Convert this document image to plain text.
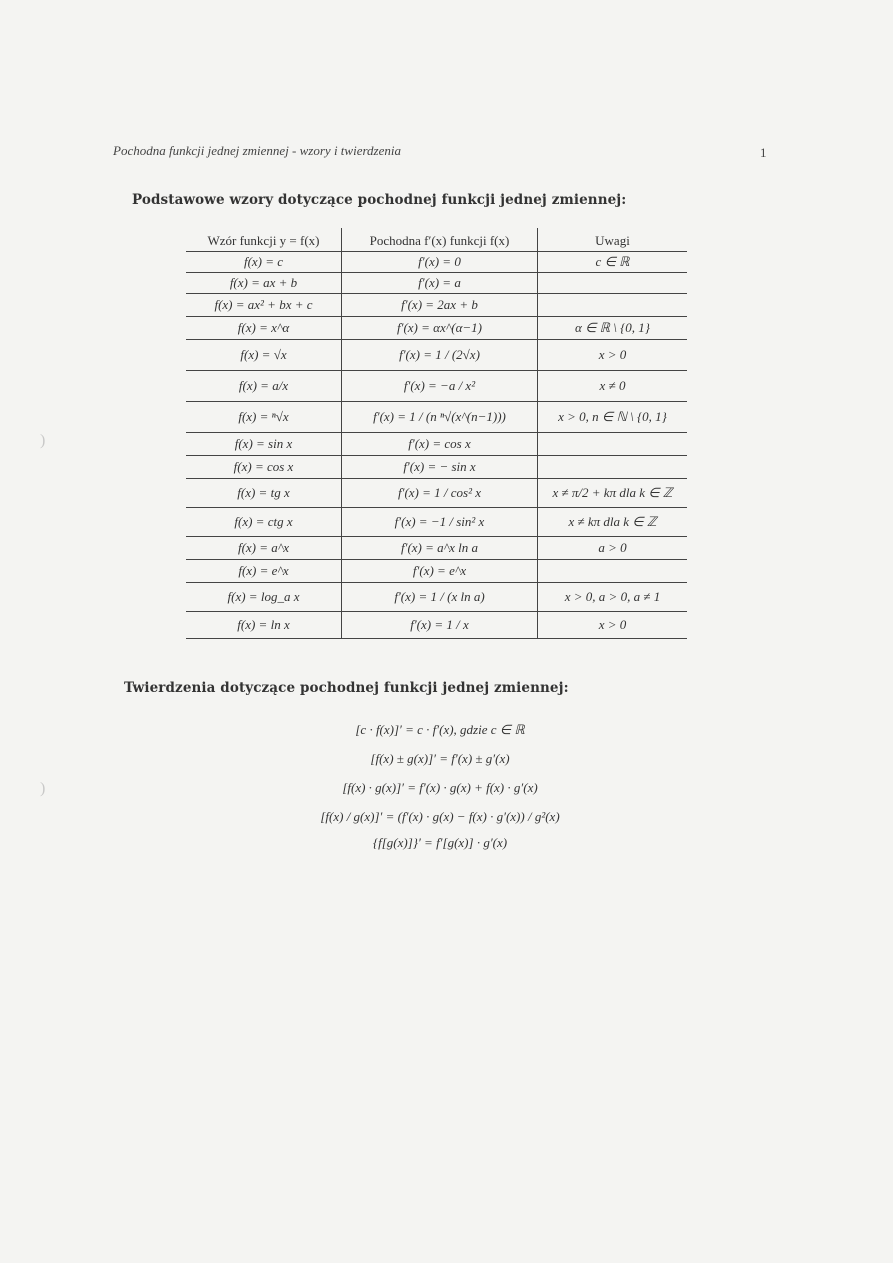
Pochodna funkcji jednej zmiennej - wzory i twierdzenia	1
Podstawowe wzory dotyczące pochodnej funkcji jednej zmiennej:
Wzór funkcji y = f(x)	Pochodna f′(x) funkcji f(x)	Uwagi
f(x) = c	f′(x) = 0	c ∈ ℝ
f(x) = ax + b	f′(x) = a
f(x) = ax² + bx + c	f′(x) = 2ax + b
f(x) = x^α	f′(x) = αx^(α−1)	α ∈ ℝ \ {0, 1}
f(x) = √x	f′(x) = 1 / (2√x)	x > 0
f(x) = a/x	f′(x) = −a / x²	x ≠ 0
f(x) = ⁿ√x	f′(x) = 1 / (n ⁿ√(x^(n−1)))	x > 0, n ∈ ℕ \ {0, 1}
f(x) = sin x	f′(x) = cos x
f(x) = cos x	f′(x) = − sin x
f(x) = tg x	f′(x) = 1 / cos² x	x ≠ π/2 + kπ dla k ∈ ℤ
f(x) = ctg x	f′(x) = −1 / sin² x	x ≠ kπ dla k ∈ ℤ
f(x) = a^x	f′(x) = a^x ln a	a > 0
f(x) = e^x	f′(x) = e^x
f(x) = log_a x	f′(x) = 1 / (x ln a)	x > 0, a > 0, a ≠ 1
f(x) = ln x	f′(x) = 1 / x	x > 0
Twierdzenia dotyczące pochodnej funkcji jednej zmiennej:
[c · f(x)]′ = c · f′(x), gdzie c ∈ ℝ
[f(x) ± g(x)]′ = f′(x) ± g′(x)
[f(x) · g(x)]′ = f′(x) · g(x) + f(x) · g′(x)
[f(x) / g(x)]′ = (f′(x) · g(x) − f(x) · g′(x)) / g²(x)
{f[g(x)]}′ = f′[g(x)] · g′(x)
)
)
